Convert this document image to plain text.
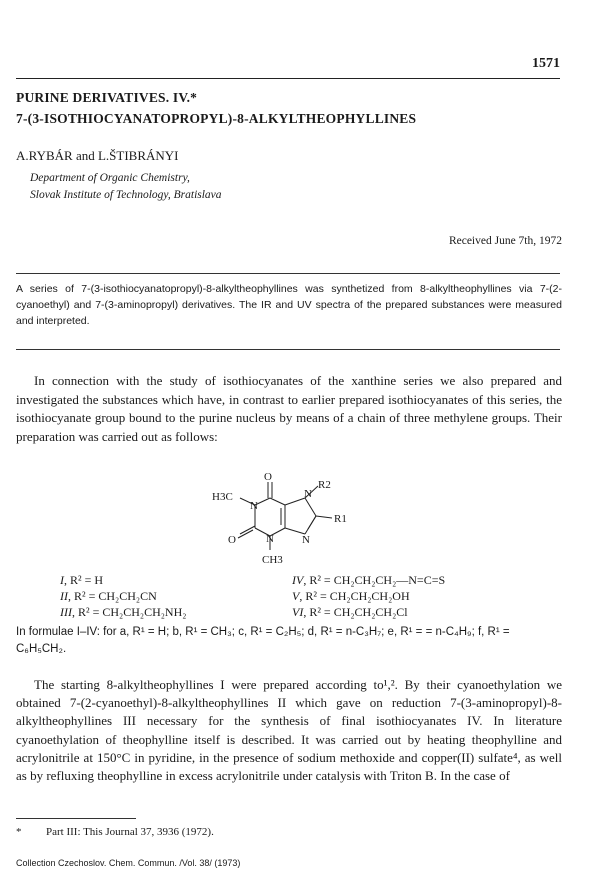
1571
PURINE DERIVATIVES. IV.*
7-(3-ISOTHIOCYANATOPROPYL)-8-ALKYLTHEOPHYLLINES
A.RYBÁR and L.ŠTIBRÁNYI
Department of Organic Chemistry,
Slovak Institute of Technology, Bratislava
Received June 7th, 1972
A series of 7-(3-isothiocyanatopropyl)-8-alkyltheophyllines was synthetized from 8-alkyltheophyllines via 7-(2-cyanoethyl) and 7-(3-aminopropyl) derivatives. The IR and UV spectra of the prepared substances were measured and interpreted.
In connection with the study of isothiocyanates of the xanthine series we also prepared and investigated the substances which have, in contrast to earlier prepared isothiocyanates of this series, the isothiocyanate group bound to the purine nucleus by means of a chain of three methylene groups. Their preparation was carried out as follows:
O
H3C
N
N
R2
O	N	N
R1
CH3
I, R² = H	IV, R² = CH₂CH₂CH₂—N=C=S
II, R² = CH₂CH₂CN	V, R² = CH₂CH₂CH₂OH
III, R² = CH₂CH₂CH₂NH₂	VI, R² = CH₂CH₂CH₂Cl
In formulae I–IV: for a, R¹ = H; b, R¹ = CH₃; c, R¹ = C₂H₅; d, R¹ = n-C₃H₇; e, R¹ = = n-C₄H₉; f, R¹ = C₆H₅CH₂.
The starting 8-alkyltheophyllines I were prepared according to¹,². By their cyanoethylation we obtained 7-(2-cyanoethyl)-8-alkyltheophyllines II which gave on reduction 7-(3-aminopropyl)-8-alkyltheophyllines III necessary for the synthesis of final isothiocyanates IV. In literature cyanoethylation of theophylline itself is described. It was carried out by heating theophylline and acrylonitrile at 150°C in pyridine, in the presence of sodium methoxide and copper(II) sulfate⁴, as well as by refluxing theophylline in excess acrylonitrile under catalysis with Triton B. In the case of
* Part III: This Journal 37, 3936 (1972).
Collection Czechoslov. Chem. Commun. /Vol. 38/ (1973)
